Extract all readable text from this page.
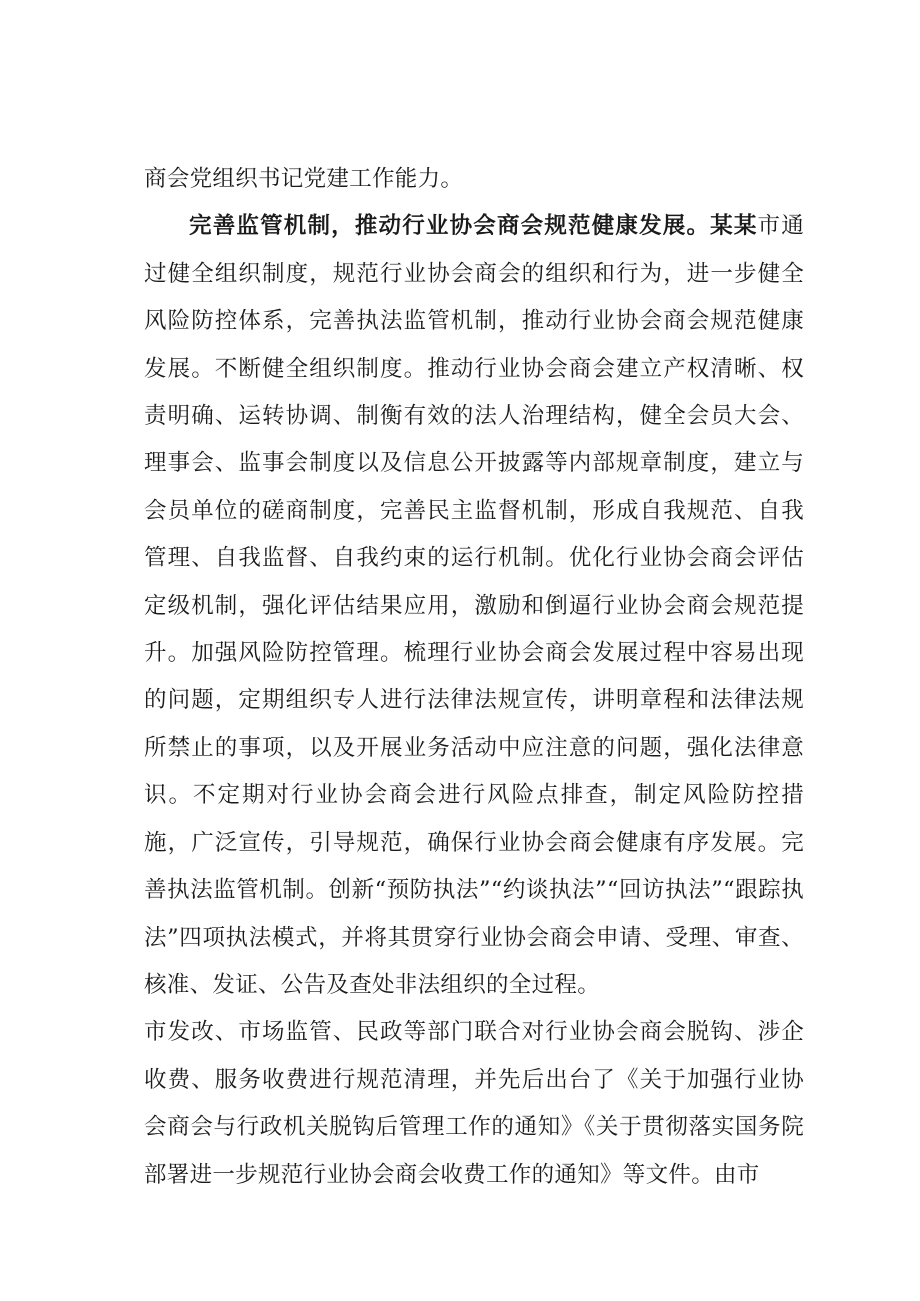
商会党组织书记党建工作能力。

完善监管机制，推动行业协会商会规范健康发展。某某市通过健全组织制度，规范行业协会商会的组织和行为，进一步健全风险防控体系，完善执法监管机制，推动行业协会商会规范健康发展。不断健全组织制度。推动行业协会商会建立产权清晰、权责明确、运转协调、制衡有效的法人治理结构，健全会员大会、理事会、监事会制度以及信息公开披露等内部规章制度，建立与会员单位的磋商制度，完善民主监督机制，形成自我规范、自我管理、自我监督、自我约束的运行机制。优化行业协会商会评估定级机制，强化评估结果应用，激励和倒逼行业协会商会规范提升。加强风险防控管理。梳理行业协会商会发展过程中容易出现的问题，定期组织专人进行法律法规宣传，讲明章程和法律法规所禁止的事项，以及开展业务活动中应注意的问题，强化法律意识。不定期对行业协会商会进行风险点排查，制定风险防控措施，广泛宣传，引导规范，确保行业协会商会健康有序发展。完善执法监管机制。创新“预防执法”“约谈执法”“回访执法”“跟踪执法”四项执法模式，并将其贯穿行业协会商会申请、受理、审查、核准、发证、公告及查处非法组织的全过程。

市发改、市场监管、民政等部门联合对行业协会商会脱钩、涉企收费、服务收费进行规范清理，并先后出台了《关于加强行业协会商会与行政机关脱钩后管理工作的通知》《关于贯彻落实国务院部署进一步规范行业协会商会收费工作的通知》等文件。由市
